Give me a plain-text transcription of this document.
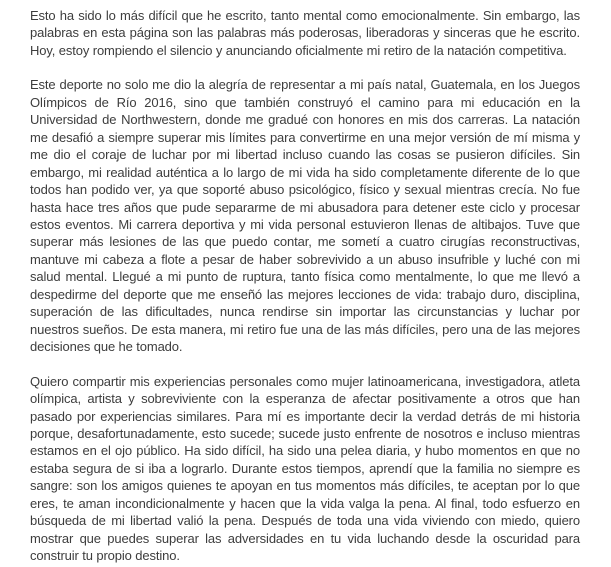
Esto ha sido lo más difícil que he escrito, tanto mental como emocionalmente. Sin embargo, las palabras en esta página son las palabras más poderosas, liberadoras y sinceras que he escrito. Hoy, estoy rompiendo el silencio y anunciando oficialmente mi retiro de la natación competitiva.

Este deporte no solo me dio la alegría de representar a mi país natal, Guatemala, en los Juegos Olímpicos de Río 2016, sino que también construyó el camino para mi educación en la Universidad de Northwestern, donde me gradué con honores en mis dos carreras. La natación me desafió a siempre superar mis límites para convertirme en una mejor versión de mí misma y me dio el coraje de luchar por mi libertad incluso cuando las cosas se pusieron difíciles. Sin embargo, mi realidad auténtica a lo largo de mi vida ha sido completamente diferente de lo que todos han podido ver, ya que soporté abuso psicológico, físico y sexual mientras crecía. No fue hasta hace tres años que pude separarme de mi abusadora para detener este ciclo y procesar estos eventos. Mi carrera deportiva y mi vida personal estuvieron llenas de altibajos. Tuve que superar más lesiones de las que puedo contar, me sometí a cuatro cirugías reconstructivas, mantuve mi cabeza a flote a pesar de haber sobrevivido a un abuso insufrible y luché con mi salud mental. Llegué a mi punto de ruptura, tanto física como mentalmente, lo que me llevó a despedirme del deporte que me enseñó las mejores lecciones de vida: trabajo duro, disciplina, superación de las dificultades, nunca rendirse sin importar las circunstancias y luchar por nuestros sueños. De esta manera, mi retiro fue una de las más difíciles, pero una de las mejores decisiones que he tomado.

Quiero compartir mis experiencias personales como mujer latinoamericana, investigadora, atleta olímpica, artista y sobreviviente con la esperanza de afectar positivamente a otros que han pasado por experiencias similares. Para mí es importante decir la verdad detrás de mi historia porque, desafortunadamente, esto sucede; sucede justo enfrente de nosotros e incluso mientras estamos en el ojo público. Ha sido difícil, ha sido una pelea diaria, y hubo momentos en que no estaba segura de si iba a lograrlo. Durante estos tiempos, aprendí que la familia no siempre es sangre: son los amigos quienes te apoyan en tus momentos más difíciles, te aceptan por lo que eres, te aman incondicionalmente y hacen que la vida valga la pena. Al final, todo esfuerzo en búsqueda de mi libertad valió la pena. Después de toda una vida viviendo con miedo, quiero mostrar que puedes superar las adversidades en tu vida luchando desde la oscuridad para construir tu propio destino.
